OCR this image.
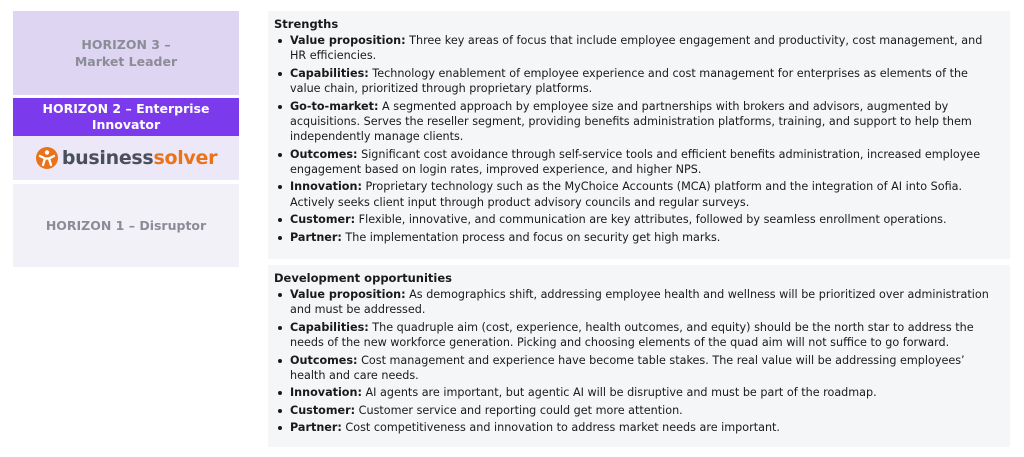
HORIZON 3 –
Market Leader
HORIZON 2 – Enterprise
Innovator
businesssolver
HORIZON 1 – Disruptor
Strengths
Value proposition: Three key areas of focus that include employee engagement and productivity, cost management, and HR efficiencies.
Capabilities: Technology enablement of employee experience and cost management for enterprises as elements of the value chain, prioritized through proprietary platforms.
Go-to-market: A segmented approach by employee size and partnerships with brokers and advisors, augmented by acquisitions. Serves the reseller segment, providing benefits administration platforms, training, and support to help them independently manage clients.
Outcomes: Significant cost avoidance through self-service tools and efficient benefits administration, increased employee engagement based on login rates, improved experience, and higher NPS.
Innovation: Proprietary technology such as the MyChoice Accounts (MCA) platform and the integration of AI into Sofia. Actively seeks client input through product advisory councils and regular surveys.
Customer: Flexible, innovative, and communication are key attributes, followed by seamless enrollment operations.
Partner: The implementation process and focus on security get high marks.
Development opportunities
Value proposition: As demographics shift, addressing employee health and wellness will be prioritized over administration and must be addressed.
Capabilities: The quadruple aim (cost, experience, health outcomes, and equity) should be the north star to address the needs of the new workforce generation. Picking and choosing elements of the quad aim will not suffice to go forward.
Outcomes: Cost management and experience have become table stakes. The real value will be addressing employees’ health and care needs.
Innovation: AI agents are important, but agentic AI will be disruptive and must be part of the roadmap.
Customer: Customer service and reporting could get more attention.
Partner: Cost competitiveness and innovation to address market needs are important.
